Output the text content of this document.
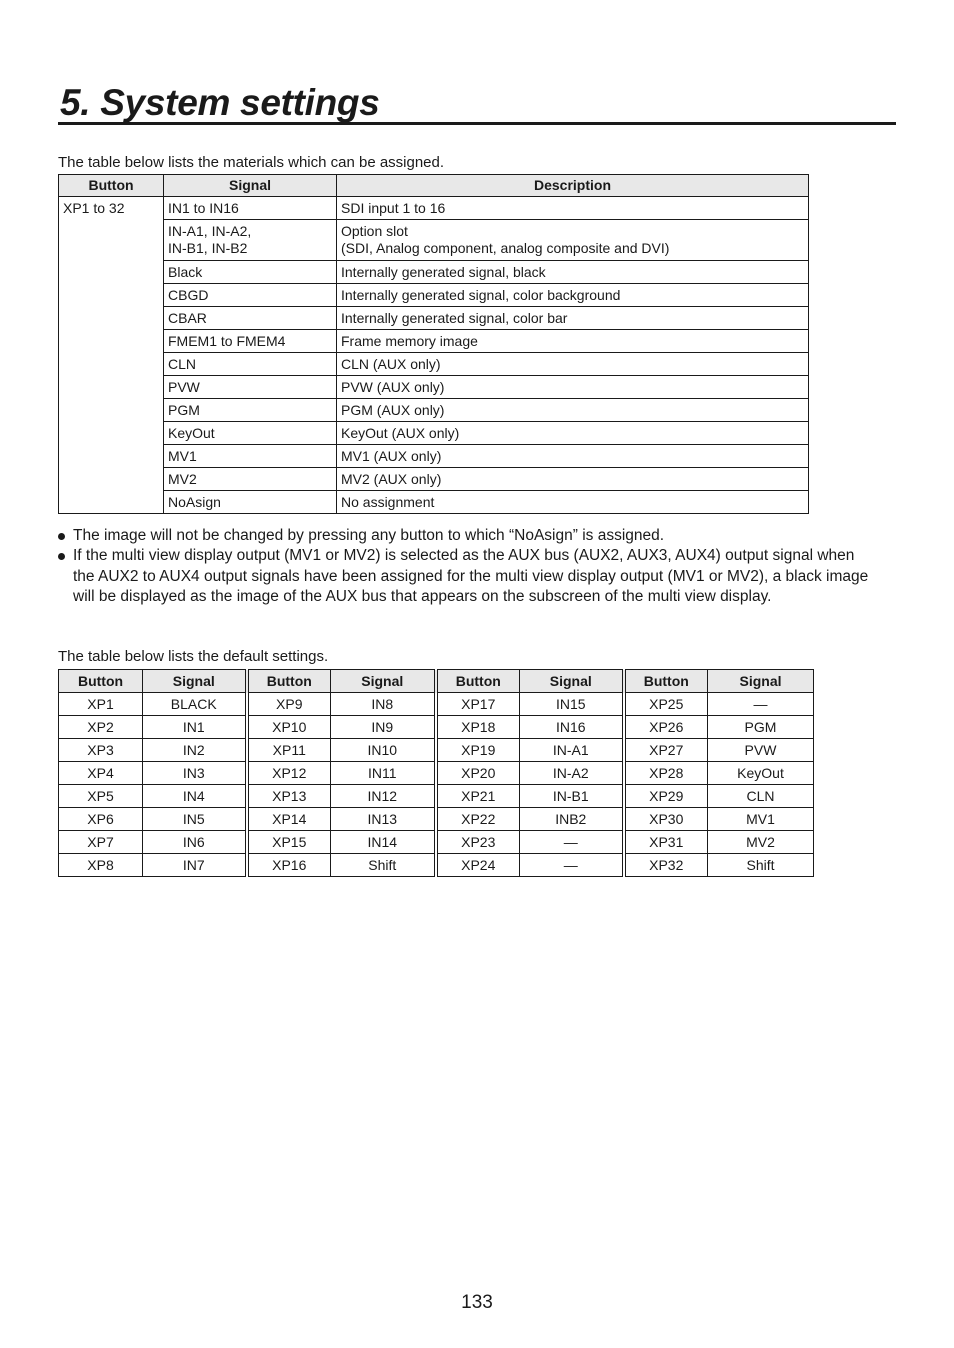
5. System settings

The table below lists the materials which can be assigned.

Button	Signal	Description
XP1 to 32	IN1 to IN16	SDI input 1 to 16

	IN-A1, IN-A2,
IN-B1, IN-B2	Option slot
(SDI, Analog component, analog composite and DVI)

	Black	Internally generated signal, black

	CBGD	Internally generated signal, color background

	CBAR	Internally generated signal, color bar

	FMEM1 to FMEM4	Frame memory image

	CLN	CLN (AUX only)

	PVW	PVW (AUX only)

	PGM	PGM (AUX only)

	KeyOut	KeyOut (AUX only)

	MV1	MV1 (AUX only)

	MV2	MV2 (AUX only)

	NoAsign	No assignment
The image will not be changed by pressing any button to which “NoAsign” is assigned.
If the multi view display output (MV1 or MV2) is selected as the AUX bus (AUX2, AUX3, AUX4) output signal when the AUX2 to AUX4 output signals have been assigned for the multi view display output (MV1 or MV2), a black image will be displayed as the image of the AUX bus that appears on the subscreen of the multi view display.

The table below lists the default settings.

Button	Signal	Button	Signal	Button	Signal	Button	Signal
XP1	BLACK	XP9	IN8	XP17	IN15	XP25	—
XP2	IN1	XP10	IN9	XP18	IN16	XP26	PGM
XP3	IN2	XP11	IN10	XP19	IN-A1	XP27	PVW
XP4	IN3	XP12	IN11	XP20	IN-A2	XP28	KeyOut
XP5	IN4	XP13	IN12	XP21	IN-B1	XP29	CLN
XP6	IN5	XP14	IN13	XP22	INB2	XP30	MV1
XP7	IN6	XP15	IN14	XP23	—	XP31	MV2
XP8	IN7	XP16	Shift	XP24	—	XP32	Shift
133
